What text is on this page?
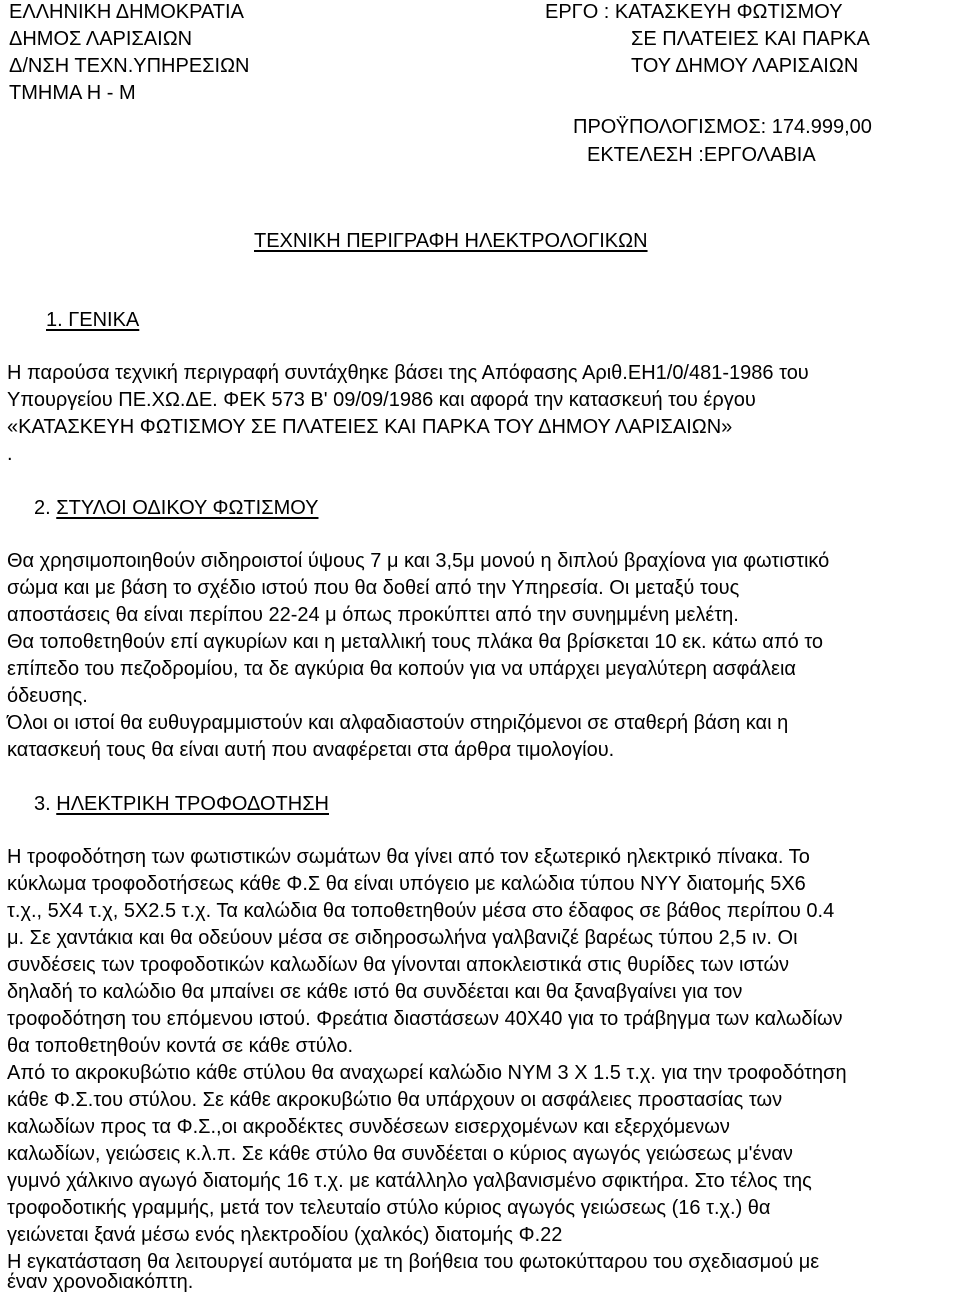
ΕΛΛΗΝΙΚΗ ΔΗΜΟΚΡΑΤΙΑ
ΔΗΜΟΣ ΛΑΡΙΣΑΙΩΝ
Δ/ΝΣΗ ΤΕΧΝ.ΥΠΗΡΕΣΙΩΝ
ΤΜΗΜΑ Η - Μ
ΕΡΓΟ : ΚΑΤΑΣΚΕΥΗ ΦΩΤΙΣΜΟΥ
ΣΕ ΠΛΑΤΕΙΕΣ ΚΑΙ ΠΑΡΚΑ
ΤΟΥ ΔΗΜΟΥ ΛΑΡΙΣΑΙΩΝ
ΠΡΟΫΠΟΛΟΓΙΣΜΟΣ: 174.999,00
ΕΚΤΕΛΕΣΗ :ΕΡΓΟΛΑΒΙΑ
ΤΕΧΝΙΚΗ ΠΕΡΙΓΡΑΦΗ ΗΛΕΚΤΡΟΛΟΓΙΚΩΝ
1. ΓΕΝΙΚΑ
Η παρούσα τεχνική περιγραφή συντάχθηκε βάσει της Απόφασης Αριθ.ΕΗ1/0/481-1986 του
Υπουργείου ΠΕ.ΧΩ.ΔΕ. ΦΕΚ 573 Β' 09/09/1986 και αφορά την κατασκευή του έργου
«ΚΑΤΑΣΚΕΥΗ ΦΩΤΙΣΜΟΥ ΣΕ ΠΛΑΤΕΙΕΣ ΚΑΙ ΠΑΡΚΑ ΤΟΥ ΔΗΜΟΥ ΛΑΡΙΣΑΙΩΝ»
.
2. ΣΤΥΛΟΙ ΟΔΙΚΟΥ ΦΩΤΙΣΜΟΥ
Θα χρησιμοποιηθούν σιδηροιστοί ύψους 7 μ και 3,5μ μονού η διπλού βραχίονα για φωτιστικό
σώμα και με βάση το σχέδιο ιστού που θα δοθεί από την Υπηρεσία. Οι μεταξύ τους
αποστάσεις θα είναι περίπου 22-24 μ όπως προκύπτει από την συνημμένη μελέτη.
Θα τοποθετηθούν επί αγκυρίων και η μεταλλική τους πλάκα θα βρίσκεται 10 εκ. κάτω από το
επίπεδο του πεζοδρομίου, τα δε αγκύρια θα κοπούν για να υπάρχει μεγαλύτερη ασφάλεια
όδευσης.
Όλοι οι ιστοί θα ευθυγραμμιστούν και αλφαδιαστούν στηριζόμενοι σε σταθερή βάση και η
κατασκευή τους θα είναι αυτή που αναφέρεται στα άρθρα τιμολογίου.
3. ΗΛΕΚΤΡΙΚΗ ΤΡΟΦΟΔΟΤΗΣΗ
Η τροφοδότηση των φωτιστικών σωμάτων θα γίνει από τον εξωτερικό ηλεκτρικό πίνακα. Το
κύκλωμα τροφοδοτήσεως κάθε Φ.Σ θα είναι υπόγειο με καλώδια τύπου ΝΥΥ διατομής 5Χ6
τ.χ., 5Χ4 τ.χ, 5Χ2.5 τ.χ. Τα καλώδια θα τοποθετηθούν μέσα στο έδαφος σε βάθος περίπου 0.4
μ. Σε χαντάκια και θα οδεύουν μέσα σε σιδηροσωλήνα γαλβανιζέ βαρέως τύπου 2,5 ιν. Οι
συνδέσεις των τροφοδοτικών καλωδίων θα γίνονται αποκλειστικά στις θυρίδες των ιστών
δηλαδή το καλώδιο θα μπαίνει σε κάθε ιστό θα συνδέεται και θα ξαναβγαίνει για τον
τροφοδότηση του επόμενου ιστού. Φρεάτια διαστάσεων 40Χ40 για το τράβηγμα των καλωδίων
θα τοποθετηθούν κοντά σε κάθε στύλο.
Από το ακροκυβώτιο κάθε στύλου θα αναχωρεί καλώδιο ΝΥΜ 3 Χ 1.5 τ.χ. για την τροφοδότηση
κάθε Φ.Σ.του στύλου. Σε κάθε ακροκυβώτιο θα υπάρχουν οι ασφάλειες προστασίας των
καλωδίων προς τα Φ.Σ.,οι ακροδέκτες συνδέσεων εισερχομένων και εξερχόμενων
καλωδίων, γειώσεις κ.λ.π. Σε κάθε στύλο θα συνδέεται ο κύριος αγωγός γειώσεως μ'έναν
γυμνό χάλκινο αγωγό διατομής 16 τ.χ. με κατάλληλο γαλβανισμένο σφικτήρα. Στο τέλος της
τροφοδοτικής γραμμής, μετά τον τελευταίο στύλο κύριος αγωγός γειώσεως (16 τ.χ.) θα
γειώνεται ξανά μέσω ενός ηλεκτροδίου (χαλκός) διατομής Φ.22
Η εγκατάσταση θα λειτουργεί αυτόματα με τη βοήθεια του φωτοκύτταρου του σχεδιασμού με
έναν χρονοδιακόπτη.
